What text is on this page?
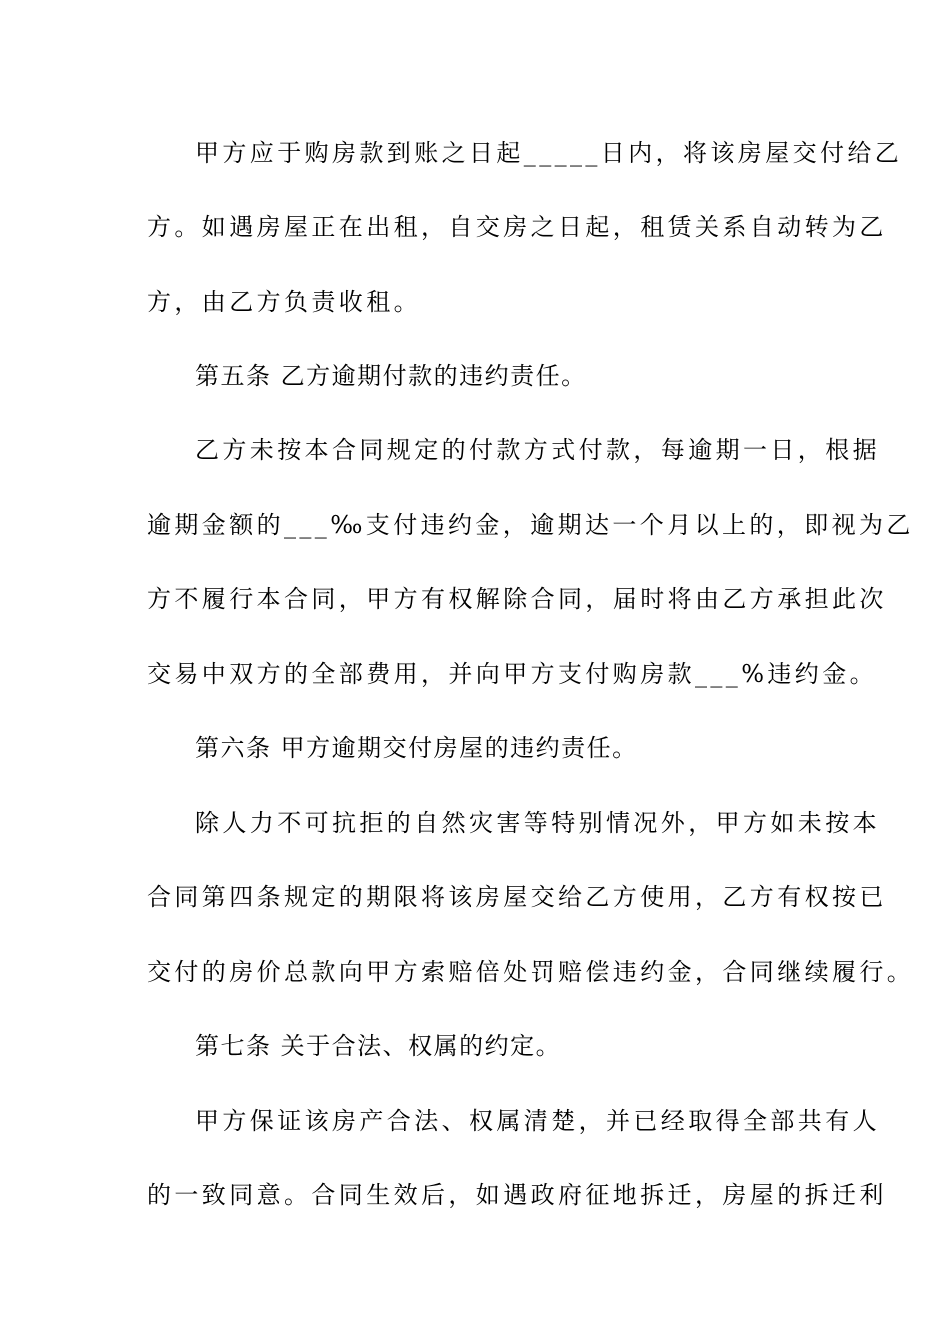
甲方应于购房款到账之日起_____日内，将该房屋交付给乙
方。如遇房屋正在出租，自交房之日起，租赁关系自动转为乙
方，由乙方负责收租。
第五条 乙方逾期付款的违约责任。
乙方未按本合同规定的付款方式付款，每逾期一日，根据
逾期金额的___‰支付违约金，逾期达一个月以上的，即视为乙
方不履行本合同，甲方有权解除合同，届时将由乙方承担此次
交易中双方的全部费用，并向甲方支付购房款___%违约金。
第六条 甲方逾期交付房屋的违约责任。
除人力不可抗拒的自然灾害等特别情况外，甲方如未按本
合同第四条规定的期限将该房屋交给乙方使用，乙方有权按已
交付的房价总款向甲方索赔倍处罚赔偿违约金，合同继续履行。
第七条 关于合法、权属的约定。
甲方保证该房产合法、权属清楚，并已经取得全部共有人
的一致同意。合同生效后，如遇政府征地拆迁，房屋的拆迁利
